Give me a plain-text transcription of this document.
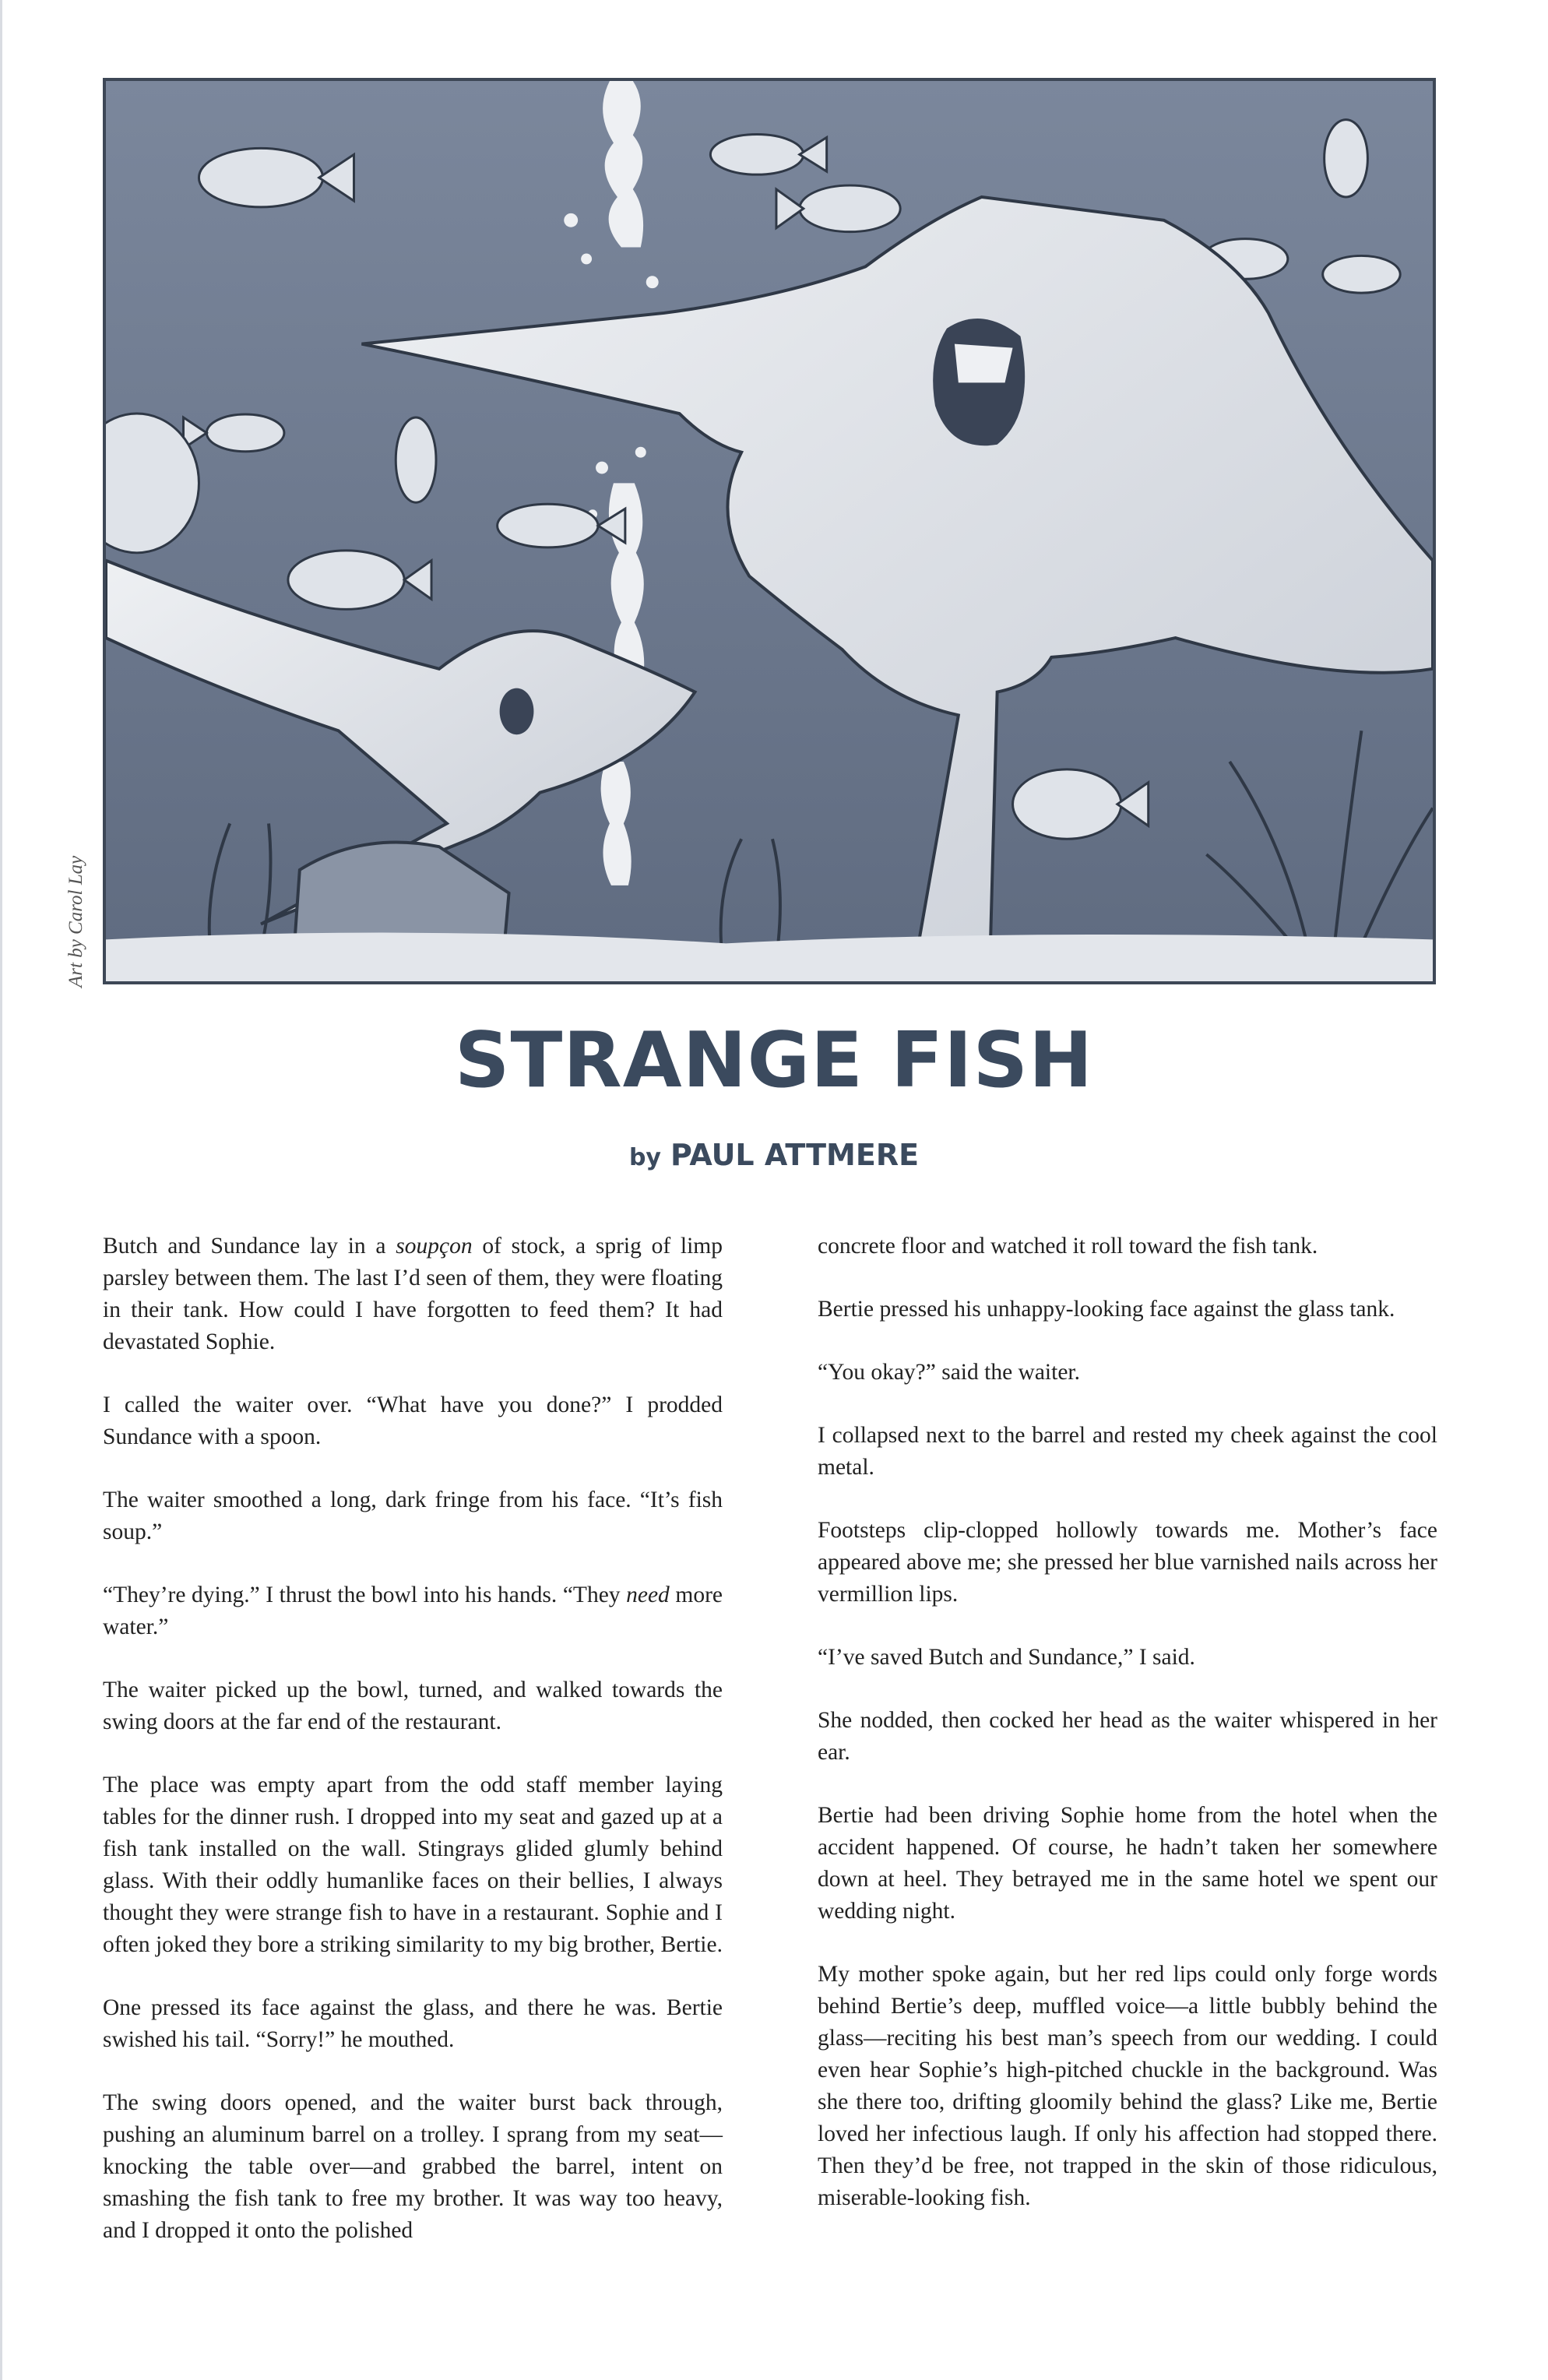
Art by Carol Lay
STRANGE FISH
by PAUL ATTMERE

Butch and Sundance lay in a soupçon of stock, a sprig of limp parsley between them. The last I’d seen of them, they were floating in their tank. How could I have forgotten to feed them? It had devastated Sophie.

I called the waiter over. “What have you done?” I prodded Sundance with a spoon.

The waiter smoothed a long, dark fringe from his face. “It’s fish soup.”

“They’re dying.” I thrust the bowl into his hands. “They need more water.”

The waiter picked up the bowl, turned, and walked towards the swing doors at the far end of the restaurant.

The place was empty apart from the odd staff member laying tables for the dinner rush. I dropped into my seat and gazed up at a fish tank installed on the wall. Stingrays glided glumly behind glass. With their oddly humanlike faces on their bellies, I always thought they were strange fish to have in a restaurant. Sophie and I often joked they bore a striking similarity to my big brother, Bertie.

One pressed its face against the glass, and there he was. Bertie swished his tail. “Sorry!” he mouthed.

The swing doors opened, and the waiter burst back through, pushing an aluminum barrel on a trolley. I sprang from my seat—knocking the table over—and grabbed the barrel, intent on smashing the fish tank to free my brother. It was way too heavy, and I dropped it onto the polished

concrete floor and watched it roll toward the fish tank.

Bertie pressed his unhappy-looking face against the glass tank.

“You okay?” said the waiter.

I collapsed next to the barrel and rested my cheek against the cool metal.

Footsteps clip-clopped hollowly towards me. Mother’s face appeared above me; she pressed her blue varnished nails across her vermillion lips.

“I’ve saved Butch and Sundance,” I said.

She nodded, then cocked her head as the waiter whispered in her ear.

Bertie had been driving Sophie home from the hotel when the accident happened. Of course, he hadn’t taken her somewhere down at heel. They betrayed me in the same hotel we spent our wedding night.

My mother spoke again, but her red lips could only forge words behind Bertie’s deep, muffled voice—a little bubbly behind the glass—reciting his best man’s speech from our wedding. I could even hear Sophie’s high-pitched chuckle in the background. Was she there too, drifting gloomily behind the glass? Like me, Bertie loved her infectious laugh. If only his affection had stopped there. Then they’d be free, not trapped in the skin of those ridiculous, miserable-looking fish.
